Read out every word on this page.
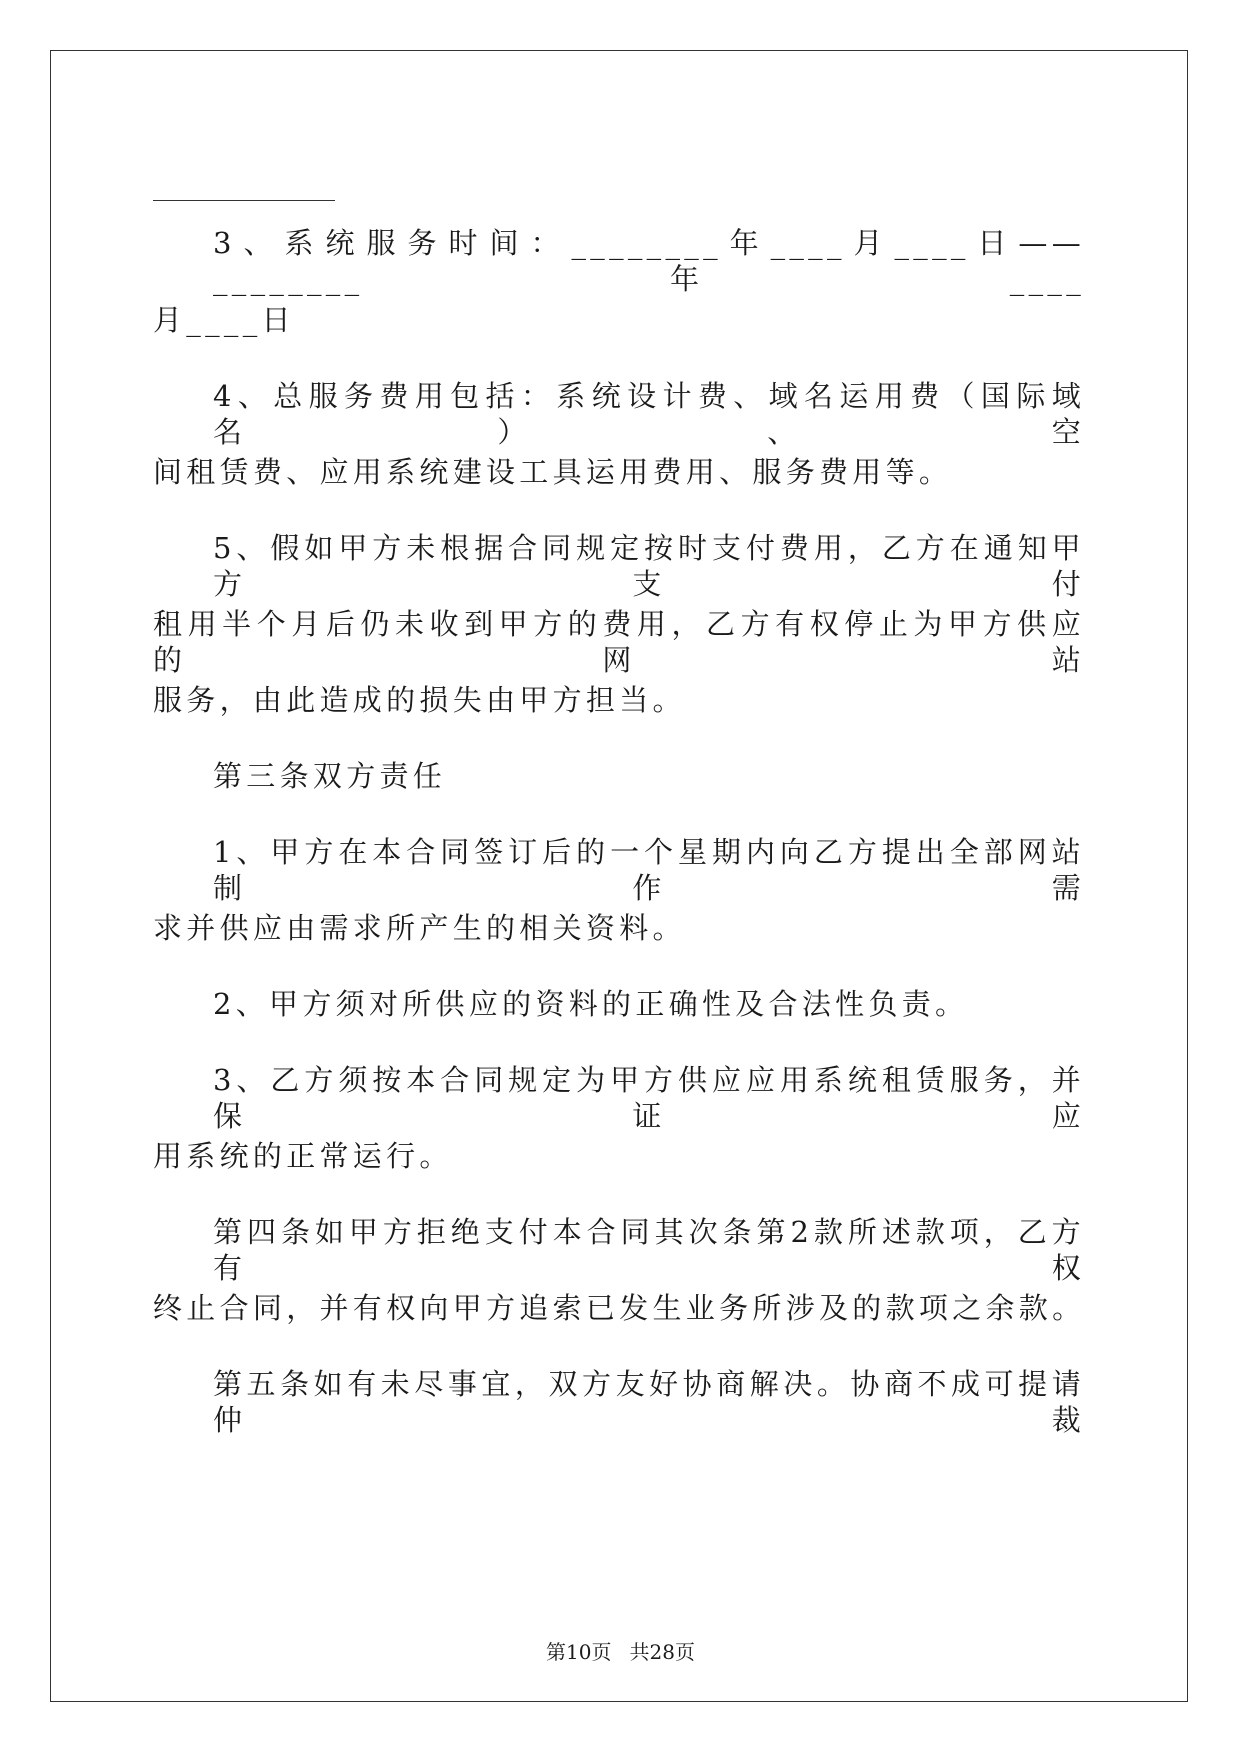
3、系统服务时间：________年____月____日——________年____
月____日
4、总服务费用包括：系统设计费、域名运用费（国际域名）、空
间租赁费、应用系统建设工具运用费用、服务费用等。
5、假如甲方未根据合同规定按时支付费用，乙方在通知甲方支付
租用半个月后仍未收到甲方的费用，乙方有权停止为甲方供应的网站
服务，由此造成的损失由甲方担当。
第三条双方责任
1、甲方在本合同签订后的一个星期内向乙方提出全部网站制作需
求并供应由需求所产生的相关资料。
2、甲方须对所供应的资料的正确性及合法性负责。
3、乙方须按本合同规定为甲方供应应用系统租赁服务，并保证应
用系统的正常运行。
第四条如甲方拒绝支付本合同其次条第2款所述款项，乙方有权
终止合同，并有权向甲方追索已发生业务所涉及的款项之余款。
第五条如有未尽事宜，双方友好协商解决。协商不成可提请仲裁
第10页 共28页
